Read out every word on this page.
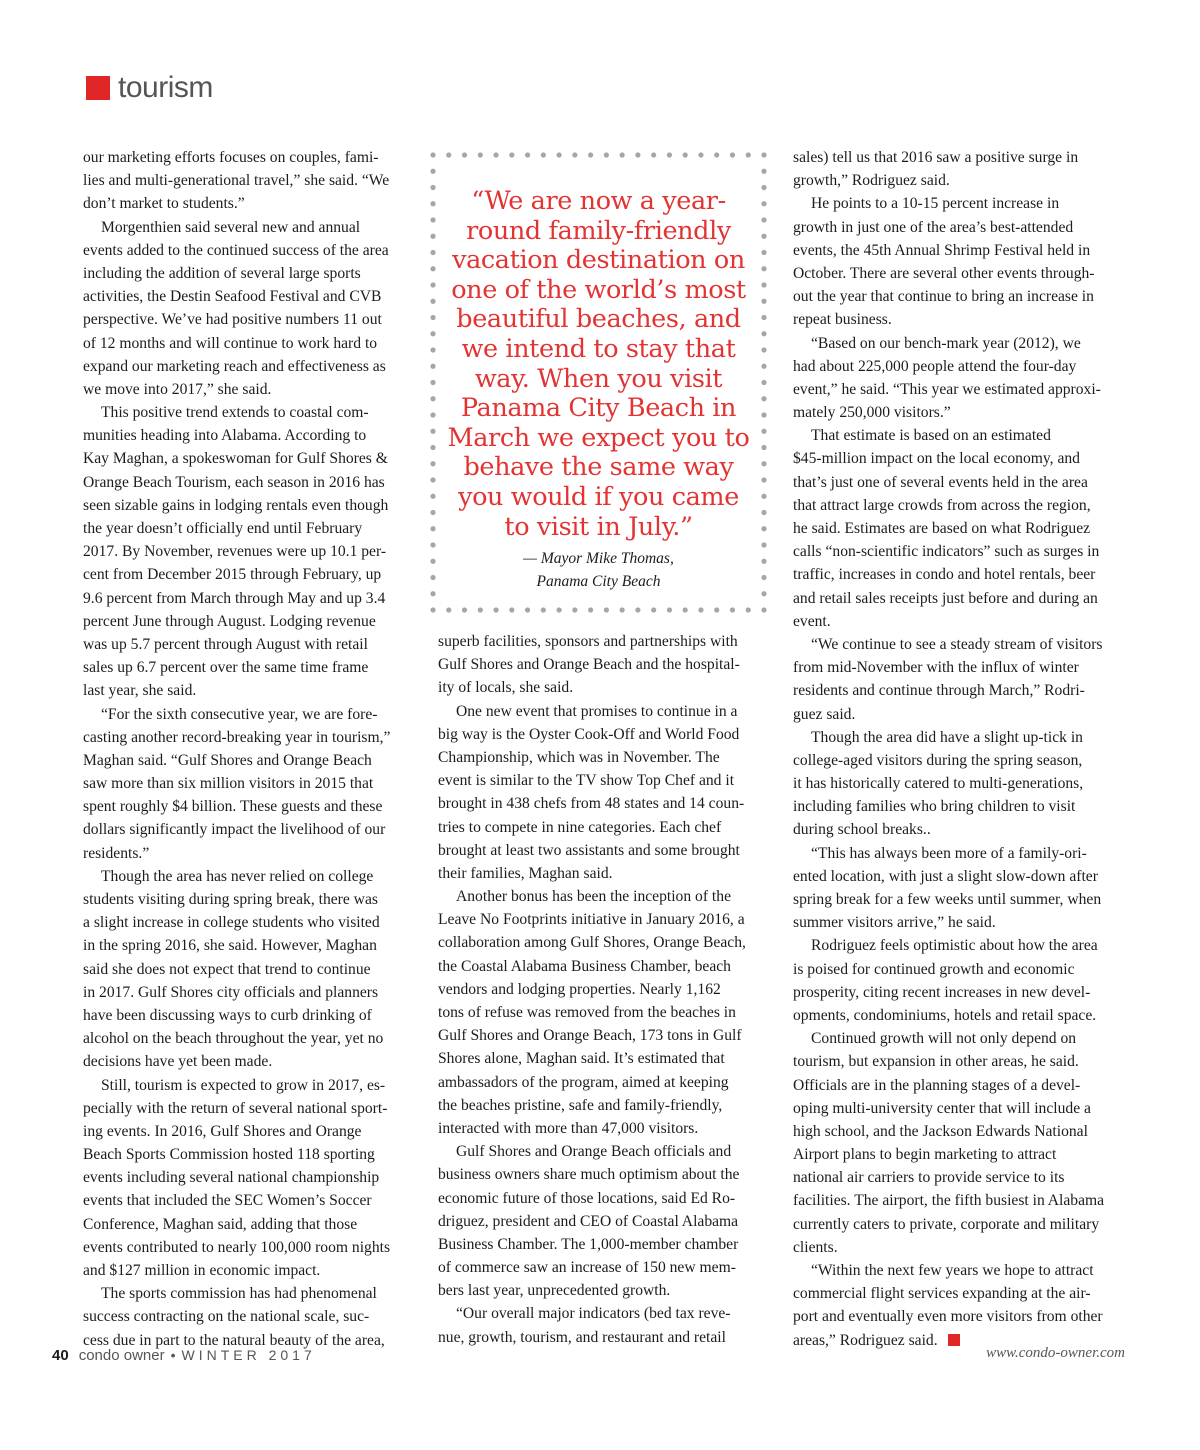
tourism
our marketing efforts focuses on couples, fami-
lies and multi-generational travel,” she said. “We
don’t market to students.”
Morgenthien said several new and annual
events added to the continued success of the area
including the addition of several large sports
activities, the Destin Seafood Festival and CVB
perspective. We’ve had positive numbers 11 out
of 12 months and will continue to work hard to
expand our marketing reach and effectiveness as
we move into 2017,” she said.
This positive trend extends to coastal com-
munities heading into Alabama. According to
Kay Maghan, a spokeswoman for Gulf Shores &
Orange Beach Tourism, each season in 2016 has
seen sizable gains in lodging rentals even though
the year doesn’t officially end until February
2017. By November, revenues were up 10.1 per-
cent from December 2015 through February, up
9.6 percent from March through May and up 3.4
percent June through August. Lodging revenue
was up 5.7 percent through August with retail
sales up 6.7 percent over the same time frame
last year, she said.
“For the sixth consecutive year, we are fore-
casting another record-breaking year in tourism,”
Maghan said. “Gulf Shores and Orange Beach
saw more than six million visitors in 2015 that
spent roughly $4 billion. These guests and these
dollars significantly impact the livelihood of our
residents.”
Though the area has never relied on college
students visiting during spring break, there was
a slight increase in college students who visited
in the spring 2016, she said. However, Maghan
said she does not expect that trend to continue
in 2017. Gulf Shores city officials and planners
have been discussing ways to curb drinking of
alcohol on the beach throughout the year, yet no
decisions have yet been made.
Still, tourism is expected to grow in 2017, es-
pecially with the return of several national sport-
ing events. In 2016, Gulf Shores and Orange
Beach Sports Commission hosted 118 sporting
events including several national championship
events that included the SEC Women’s Soccer
Conference, Maghan said, adding that those
events contributed to nearly 100,000 room nights
and $127 million in economic impact.
The sports commission has had phenomenal
success contracting on the national scale, suc-
cess due in part to the natural beauty of the area,
“We are now a year-
round family-friendly
vacation destination on
one of the world’s most
beautiful beaches, and
we intend to stay that
way. When you visit
Panama City Beach in
March we expect you to
behave the same way
you would if you came
to visit in July.”
— Mayor Mike Thomas,
Panama City Beach
superb facilities, sponsors and partnerships with
Gulf Shores and Orange Beach and the hospital-
ity of locals, she said.
One new event that promises to continue in a
big way is the Oyster Cook-Off and World Food
Championship, which was in November. The
event is similar to the TV show Top Chef and it
brought in 438 chefs from 48 states and 14 coun-
tries to compete in nine categories. Each chef
brought at least two assistants and some brought
their families, Maghan said.
Another bonus has been the inception of the
Leave No Footprints initiative in January 2016, a
collaboration among Gulf Shores, Orange Beach,
the Coastal Alabama Business Chamber, beach
vendors and lodging properties. Nearly 1,162
tons of refuse was removed from the beaches in
Gulf Shores and Orange Beach, 173 tons in Gulf
Shores alone, Maghan said. It’s estimated that
ambassadors of the program, aimed at keeping
the beaches pristine, safe and family-friendly,
interacted with more than 47,000 visitors.
Gulf Shores and Orange Beach officials and
business owners share much optimism about the
economic future of those locations, said Ed Ro-
driguez, president and CEO of Coastal Alabama
Business Chamber. The 1,000-member chamber
of commerce saw an increase of 150 new mem-
bers last year, unprecedented growth.
“Our overall major indicators (bed tax reve-
nue, growth, tourism, and restaurant and retail
sales) tell us that 2016 saw a positive surge in
growth,” Rodriguez said.
He points to a 10-15 percent increase in
growth in just one of the area’s best-attended
events, the 45th Annual Shrimp Festival held in
October. There are several other events through-
out the year that continue to bring an increase in
repeat business.
“Based on our bench-mark year (2012), we
had about 225,000 people attend the four-day
event,” he said. “This year we estimated approxi-
mately 250,000 visitors.”
That estimate is based on an estimated
$45-million impact on the local economy, and
that’s just one of several events held in the area
that attract large crowds from across the region,
he said. Estimates are based on what Rodriguez
calls “non-scientific indicators” such as surges in
traffic, increases in condo and hotel rentals, beer
and retail sales receipts just before and during an
event.
“We continue to see a steady stream of visitors
from mid-November with the influx of winter
residents and continue through March,” Rodri-
guez said.
Though the area did have a slight up-tick in
college-aged visitors during the spring season,
it has historically catered to multi-generations,
including families who bring children to visit
during school breaks..
“This has always been more of a family-ori-
ented location, with just a slight slow-down after
spring break for a few weeks until summer, when
summer visitors arrive,” he said.
Rodriguez feels optimistic about how the area
is poised for continued growth and economic
prosperity, citing recent increases in new devel-
opments, condominiums, hotels and retail space.
Continued growth will not only depend on
tourism, but expansion in other areas, he said.
Officials are in the planning stages of a devel-
oping multi-university center that will include a
high school, and the Jackson Edwards National
Airport plans to begin marketing to attract
national air carriers to provide service to its
facilities. The airport, the fifth busiest in Alabama
currently caters to private, corporate and military
clients.
“Within the next few years we hope to attract
commercial flight services expanding at the air-
port and eventually even more visitors from other
areas,” Rodriguez said.
40 condo owner • WINTER 2017	www.condo-owner.com
